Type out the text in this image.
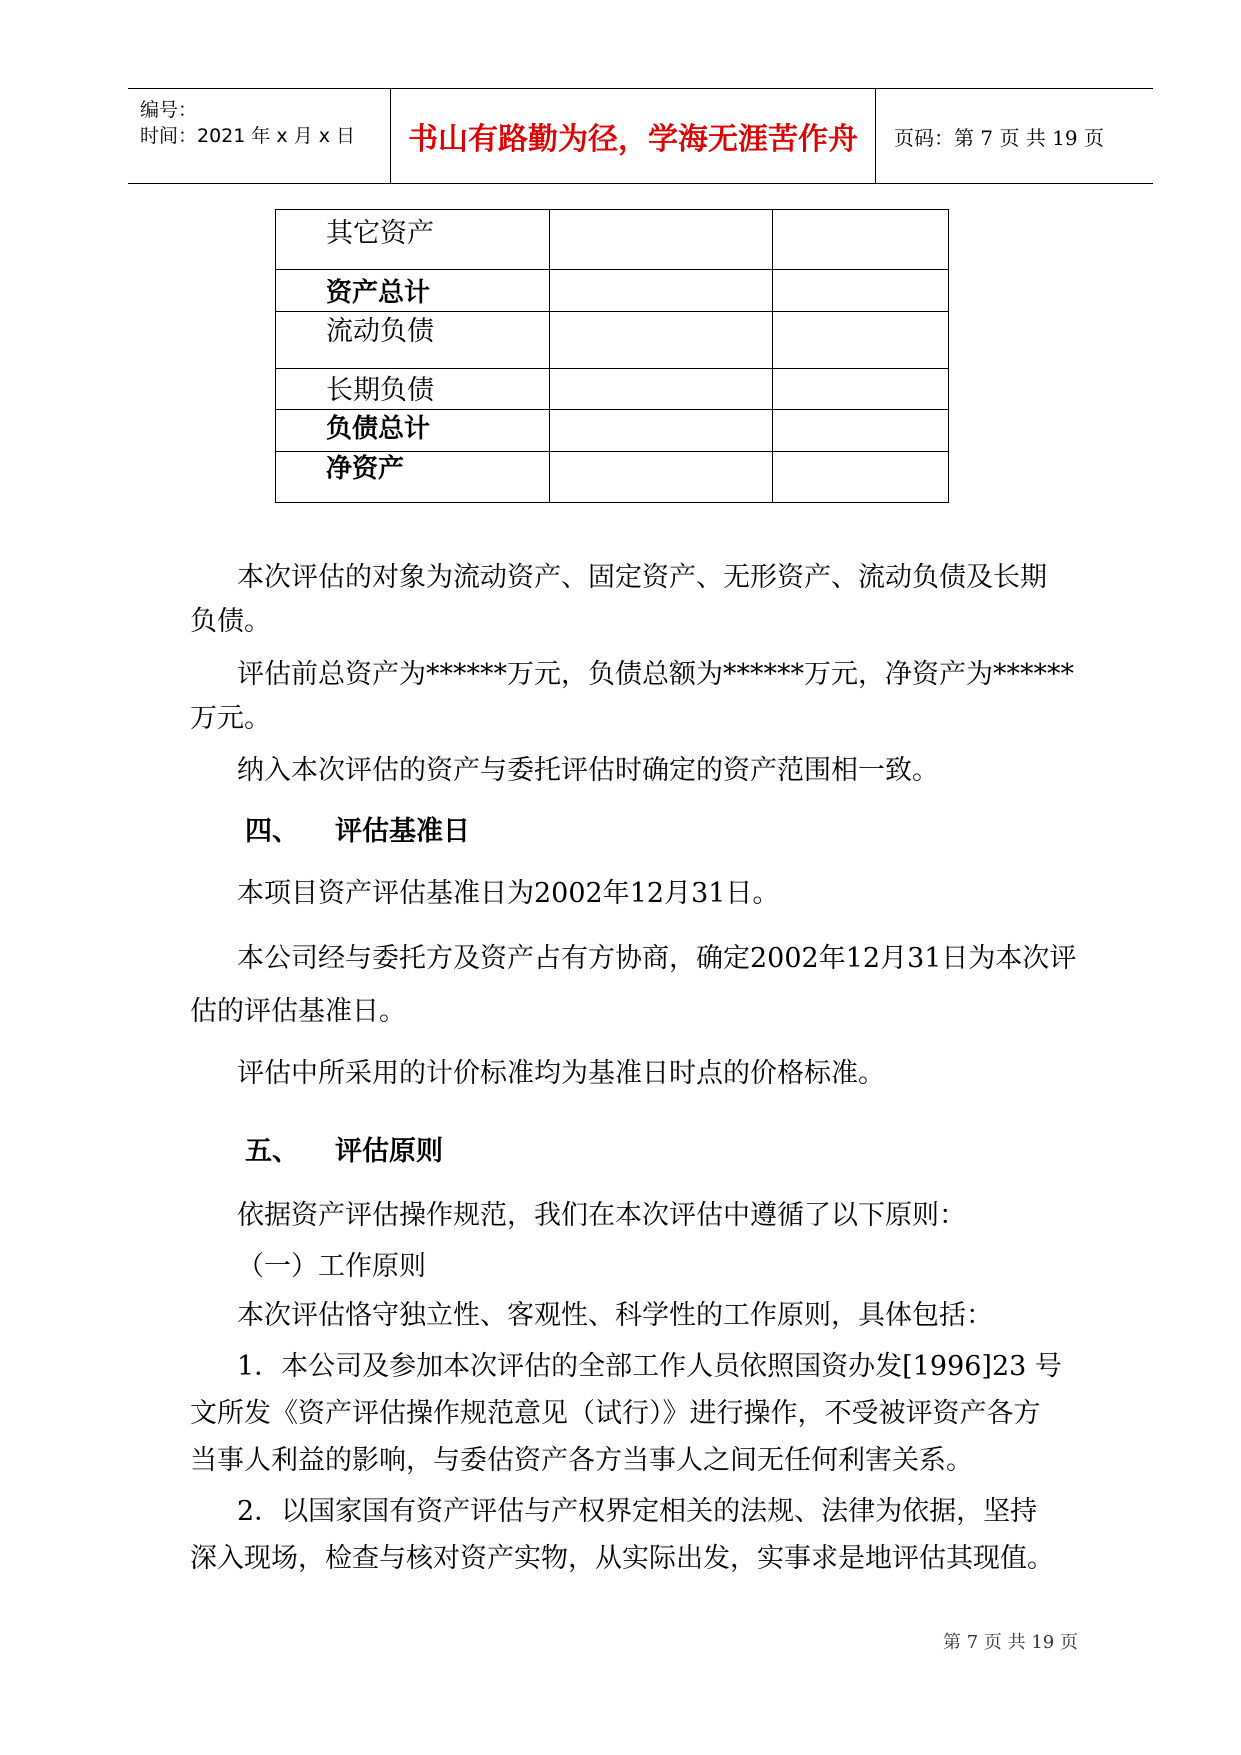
编号：
时间：2021 年 x 月 x 日	书山有路勤为径，学海无涯苦作舟	页码：第 7 页 共 19 页
其它资产		
资产总计		
流动负债		
长期负债		
负债总计		
净资产		
本次评估的对象为流动资产、固定资产、无形资产、流动负债及长期
负债。
评估前总资产为******万元，负债总额为******万元，净资产为******
万元。
纳入本次评估的资产与委托评估时确定的资产范围相一致。
四、 评估基准日
本项目资产评估基准日为2002年12月31日。
本公司经与委托方及资产占有方协商，确定2002年12月31日为本次评
估的评估基准日。
评估中所采用的计价标准均为基准日时点的价格标准。
五、 评估原则
依据资产评估操作规范，我们在本次评估中遵循了以下原则：
（一）工作原则
本次评估恪守独立性、客观性、科学性的工作原则，具体包括：
1．本公司及参加本次评估的全部工作人员依照国资办发[1996]23 号
文所发《资产评估操作规范意见（试行）》进行操作，不受被评资产各方
当事人利益的影响，与委估资产各方当事人之间无任何利害关系。
2．以国家国有资产评估与产权界定相关的法规、法律为依据，坚持
深入现场，检查与核对资产实物，从实际出发，实事求是地评估其现值。
第 7 页 共 19 页
